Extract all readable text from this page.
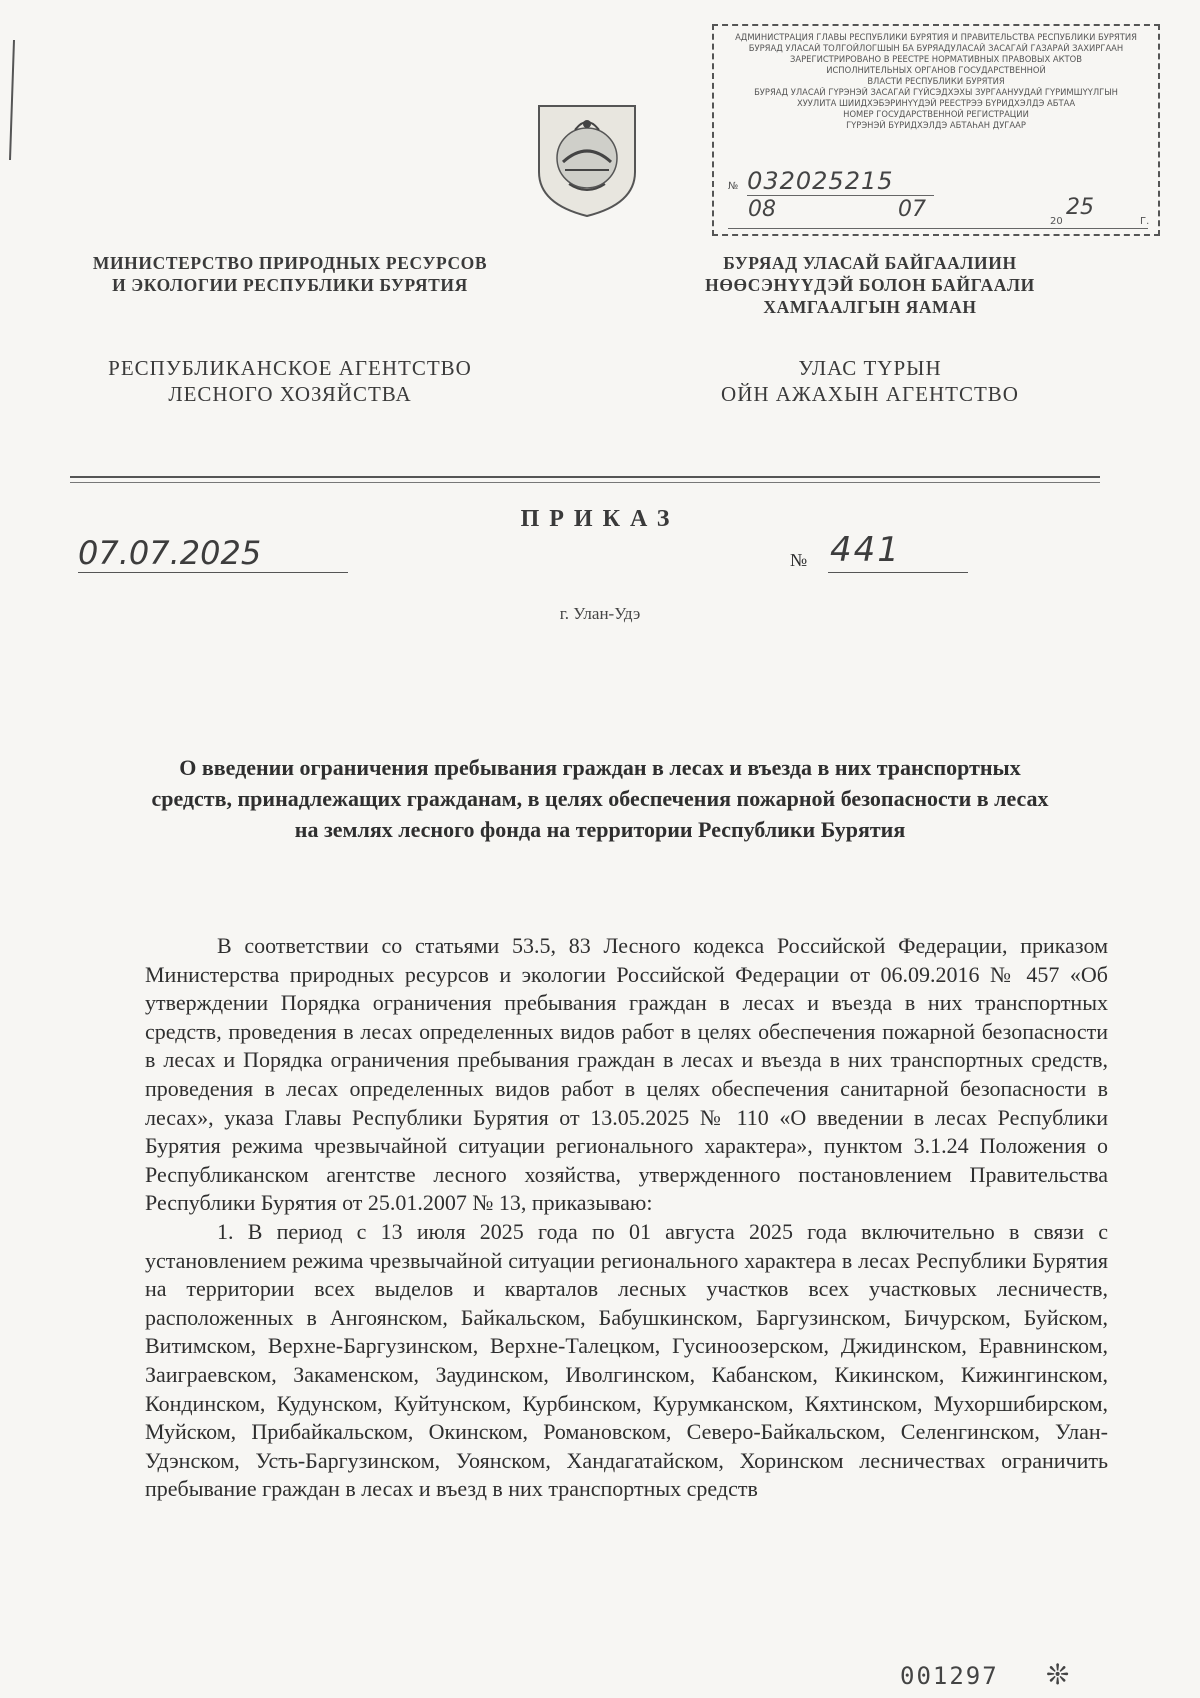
АДМИНИСТРАЦИЯ ГЛАВЫ РЕСПУБЛИКИ БУРЯТИЯ И ПРАВИТЕЛЬСТВА РЕСПУБЛИКИ БУРЯТИЯ
БУРЯАД УЛАСАЙ ТОЛГОЙЛОГШЫН БА БУРЯАДУЛАСАЙ ЗАСАГАЙ ГАЗАРАЙ ЗАХИРГААН
ЗАРЕГИСТРИРОВАНО В РЕЕСТРЕ НОРМАТИВНЫХ ПРАВОВЫХ АКТОВ
ИСПОЛНИТЕЛЬНЫХ ОРГАНОВ ГОСУДАРСТВЕННОЙ
ВЛАСТИ РЕСПУБЛИКИ БУРЯТИЯ
БУРЯАД УЛАСАЙ ГҮРЭНЭЙ ЗАСАГАЙ ГҮЙСЭДХЭХЫ ЗУРГААНУУДАЙ ГҮРИМШҮҮЛГЫН
ХУУЛИТА ШИИДХЭБЭРИНҮҮДЭЙ РЕЕСТРЭЭ БҮРИДХЭЛДЭ АБТАА
НОМЕР ГОСУДАРСТВЕННОЙ РЕГИСТРАЦИИ
ГҮРЭНЭЙ БҮРИДХЭЛДЭ АБТАҺАН ДУГААР
№ 032025215
08	07	20
25
Г.
МИНИСТЕРСТВО ПРИРОДНЫХ РЕСУРСОВ
И ЭКОЛОГИИ РЕСПУБЛИКИ БУРЯТИЯ
БУРЯАД УЛАСАЙ БАЙГААЛИИН
НӨӨСЭНҮҮДЭЙ БОЛОН БАЙГААЛИ
ХАМГААЛГЫН ЯАМАН
РЕСПУБЛИКАНСКОЕ АГЕНТСТВО
ЛЕСНОГО ХОЗЯЙСТВА
УЛАС ТҮРЫН
ОЙН АЖАХЫН АГЕНТСТВО
ПРИКАЗ
07.07.2025	№ 441
г. Улан-Удэ
О введении ограничения пребывания граждан в лесах и въезда в них транспортных средств, принадлежащих гражданам, в целях обеспечения пожарной безопасности в лесах на землях лесного фонда на территории Республики Бурятия

В соответствии со статьями 53.5, 83 Лесного кодекса Российской Федерации, приказом Министерства природных ресурсов и экологии Российской Федерации от 06.09.2016 № 457 «Об утверждении Порядка ограничения пребывания граждан в лесах и въезда в них транспортных средств, проведения в лесах определенных видов работ в целях обеспечения пожарной безопасности в лесах и Порядка ограничения пребывания граждан в лесах и въезда в них транспортных средств, проведения в лесах определенных видов работ в целях обеспечения санитарной безопасности в лесах», указа Главы Республики Бурятия от 13.05.2025 № 110 «О введении в лесах Республики Бурятия режима чрезвычайной ситуации регионального характера», пунктом 3.1.24 Положения о Республиканском агентстве лесного хозяйства, утвержденного постановлением Правительства Республики Бурятия от 25.01.2007 № 13, приказываю:

1. В период с 13 июля 2025 года по 01 августа 2025 года включительно в связи с установлением режима чрезвычайной ситуации регионального характера в лесах Республики Бурятия на территории всех выделов и кварталов лесных участков всех участковых лесничеств, расположенных в Ангоянском, Байкальском, Бабушкинском, Баргузинском, Бичурском, Буйском, Витимском, Верхне-Баргузинском, Верхне-Талецком, Гусиноозерском, Джидинском, Еравнинском, Заиграевском, Закаменском, Заудинском, Иволгинском, Кабанском, Кикинском, Кижингинском, Кондинском, Кудунском, Куйтунском, Курбинском, Курумканском, Кяхтинском, Мухоршибирском, Муйском, Прибайкальском, Окинском, Романовском, Северо-Байкальском, Селенгинском, Улан-Удэнском, Усть-Баргузинском, Уоянском, Хандагатайском, Хоринском лесничествах ограничить пребывание граждан в лесах и въезд в них транспортных средств

001297 ❊
